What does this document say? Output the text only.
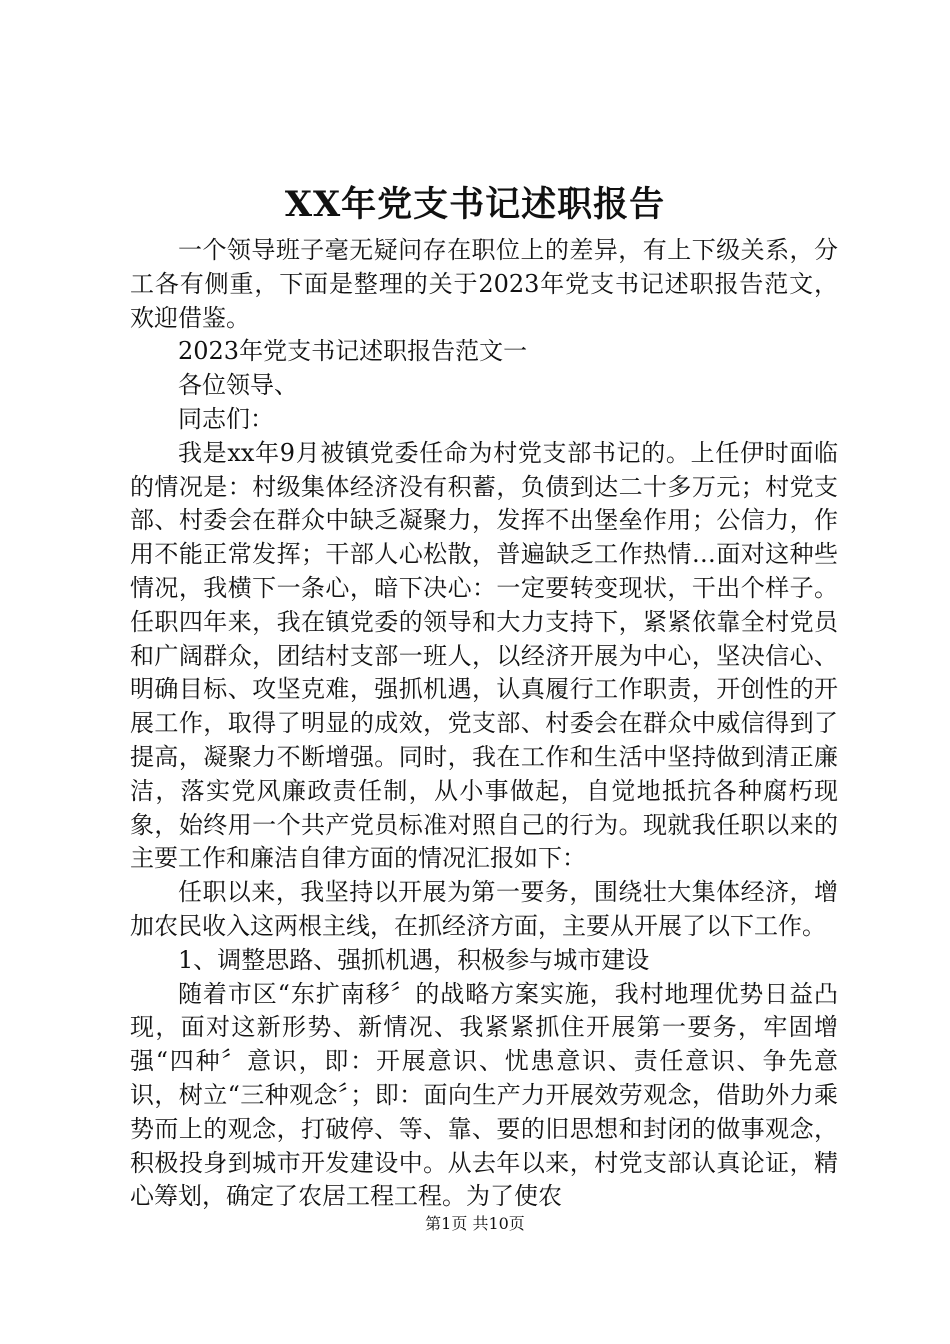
XX年党支书记述职报告

一个领导班子毫无疑问存在职位上的差异，有上下级关系，分工各有侧重，下面是整理的关于2023年党支书记述职报告范文，欢迎借鉴。

2023年党支书记述职报告范文一

各位领导、

同志们：

我是xx年9月被镇党委任命为村党支部书记的。上任伊时面临的情况是：村级集体经济没有积蓄，负债到达二十多万元；村党支部、村委会在群众中缺乏凝聚力，发挥不出堡垒作用；公信力，作用不能正常发挥；干部人心松散，普遍缺乏工作热情…面对这种些情况，我横下一条心，暗下决心：一定要转变现状，干出个样子。任职四年来，我在镇党委的领导和大力支持下，紧紧依靠全村党员和广阔群众，团结村支部一班人，以经济开展为中心，坚决信心、明确目标、攻坚克难，强抓机遇，认真履行工作职责，开创性的开展工作，取得了明显的成效，党支部、村委会在群众中威信得到了提高，凝聚力不断增强。同时，我在工作和生活中坚持做到清正廉洁，落实党风廉政责任制，从小事做起，自觉地抵抗各种腐朽现象，始终用一个共产党员标准对照自己的行为。现就我任职以来的主要工作和廉洁自律方面的情况汇报如下：

任职以来，我坚持以开展为第一要务，围绕壮大集体经济，增加农民收入这两根主线，在抓经济方面，主要从开展了以下工作。

1、调整思路、强抓机遇，积极参与城市建设

随着市区“东扩南移〞的战略方案实施，我村地理优势日益凸现，面对这新形势、新情况、我紧紧抓住开展第一要务，牢固增强“四种〞意识，即：开展意识、忧患意识、责任意识、争先意识，树立“三种观念〞；即：面向生产力开展效劳观念，借助外力乘势而上的观念，打破停、等、靠、要的旧思想和封闭的做事观念，积极投身到城市开发建设中。从去年以来，村党支部认真论证，精心筹划，确定了农居工程工程。为了使农

第1页 共10页
